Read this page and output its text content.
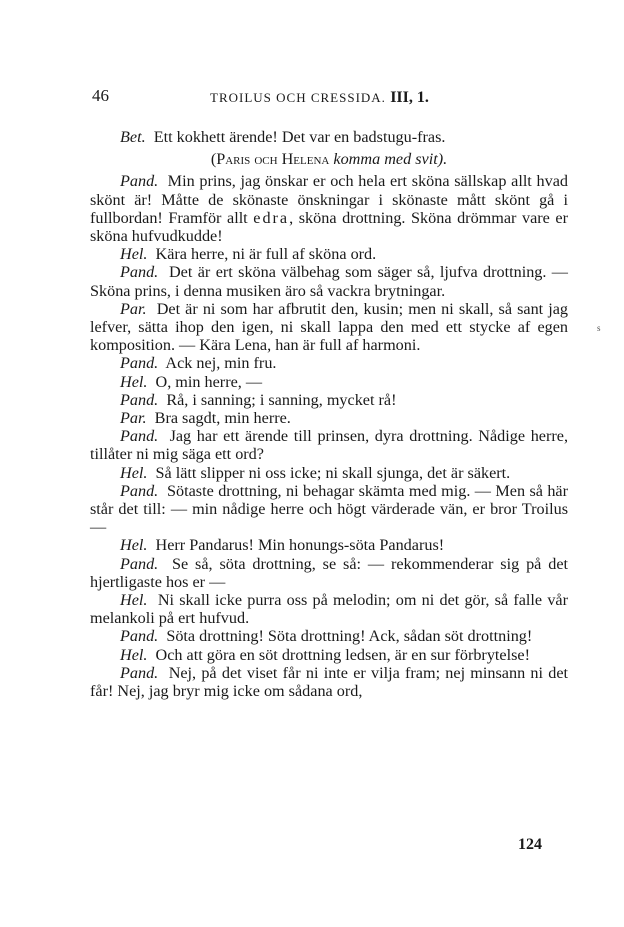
46	TROILUS OCH CRESSIDA. III, 1.

Bet. Ett kokhett ärende! Det var en badstugu-fras.

(Paris och Helena komma med svit).

Pand. Min prins, jag önskar er och hela ert sköna sällskap allt hvad skönt är! Måtte de skönaste önskningar i skönaste mått skönt gå i fullbordan! Framför allt edra, sköna drottning. Sköna drömmar vare er sköna hufvudkudde!

Hel. Kära herre, ni är full af sköna ord.

Pand. Det är ert sköna välbehag som säger så, ljufva drottning. — Sköna prins, i denna musiken äro så vackra brytningar.

Par. Det är ni som har afbrutit den, kusin; men ni skall, så sant jag lefver, sätta ihop den igen, ni skall lappa den med ett stycke af egen komposition. — Kära Lena, han är full af harmoni.

Pand. Ack nej, min fru.

Hel. O, min herre, —

Pand. Rå, i sanning; i sanning, mycket rå!

Par. Bra sagdt, min herre.

Pand. Jag har ett ärende till prinsen, dyra drottning. Nådige herre, tillåter ni mig säga ett ord?

Hel. Så lätt slipper ni oss icke; ni skall sjunga, det är säkert.

Pand. Sötaste drottning, ni behagar skämta med mig. — Men så här står det till: — min nådige herre och högt värderade vän, er bror Troilus —

Hel. Herr Pandarus! Min honungs-söta Pandarus!

Pand. Se så, söta drottning, se så: — rekommenderar sig på det hjertligaste hos er —

Hel. Ni skall icke purra oss på melodin; om ni det gör, så falle vår melankoli på ert hufvud.

Pand. Söta drottning! Söta drottning! Ack, sådan söt drottning!

Hel. Och att göra en söt drottning ledsen, är en sur förbrytelse!

Pand. Nej, på det viset får ni inte er vilja fram; nej minsann ni det får! Nej, jag bryr mig icke om sådana ord,

s
124
